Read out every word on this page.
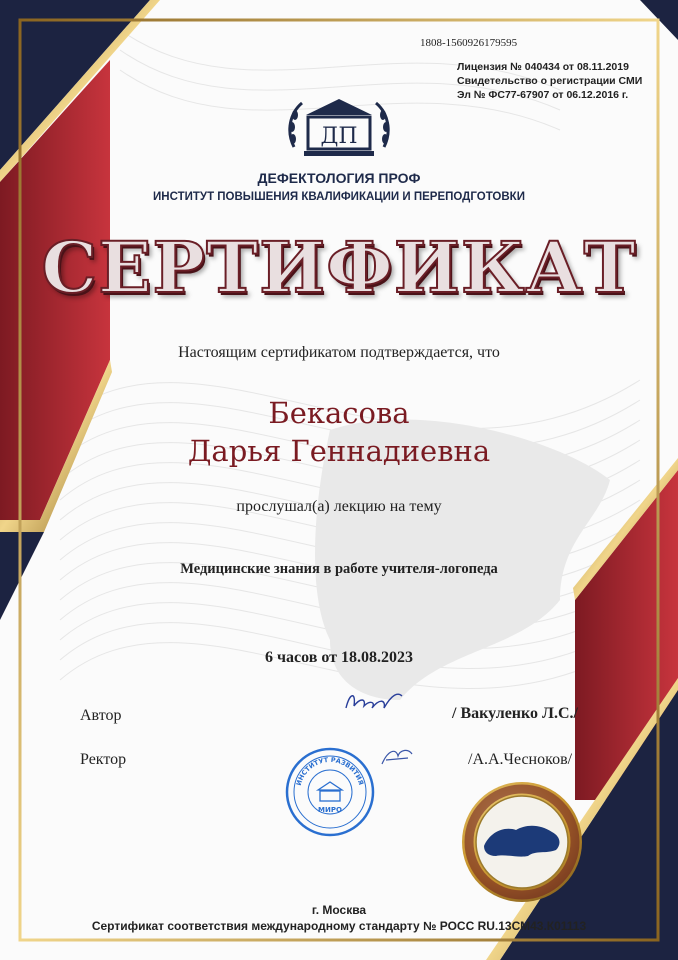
1808-1560926179595
Лицензия № 040434 от 08.11.2019
Свидетельство о регистрации СМИ
Эл № ФС77-67907 от 06.12.2016 г.
ДП
ДЕФЕКТОЛОГИЯ ПРОФ
ИНСТИТУТ ПОВЫШЕНИЯ КВАЛИФИКАЦИИ И ПЕРЕПОДГОТОВКИ
СЕРТИФИКАТ
Настоящим сертификатом подтверждается, что
Бекасова
Дарья Геннадиевна
прослушал(а) лекцию на тему
Медицинские знания в работе учителя-логопеда
6 часов от 18.08.2023
Автор	/ Вакуленко Л.С./
Ректор	/А.А.Чесноков/
ИНСТИТУТ РАЗВИТИЯ
МИРО
г. Москва
Сертификат соответствия международному стандарту № РОСС RU.13СМ43.К01113
